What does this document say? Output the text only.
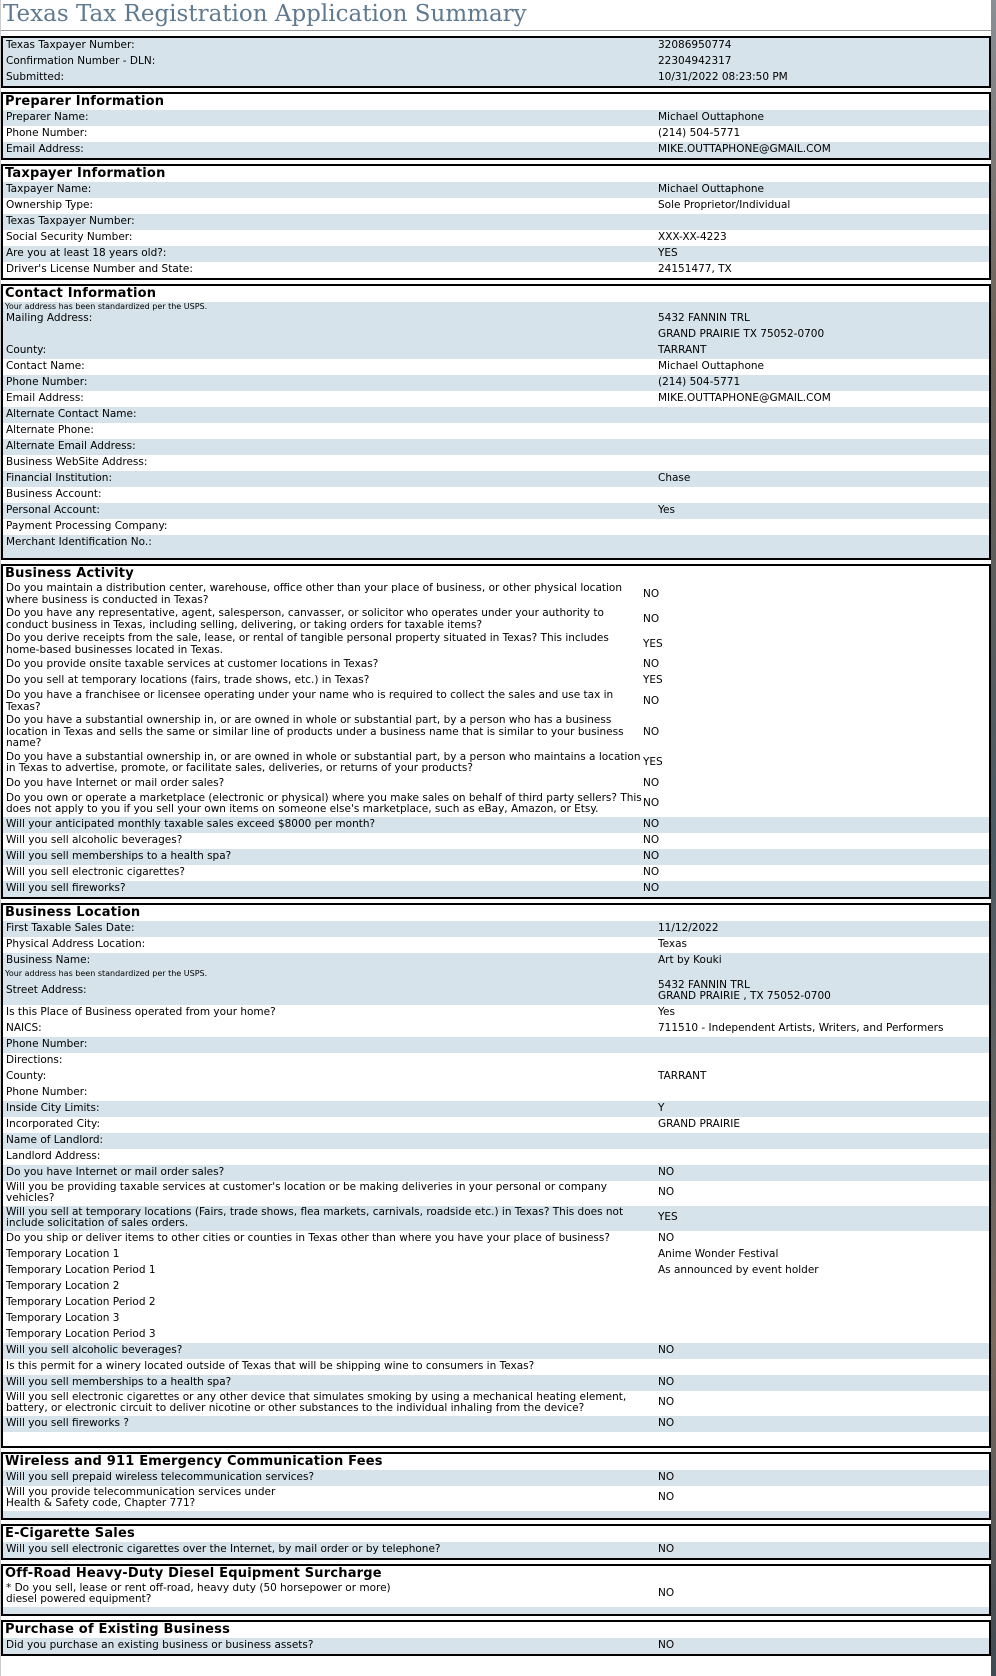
Texas Tax Registration Application Summary
Texas Taxpayer Number:	32086950774
Confirmation Number - DLN:	22304942317
Submitted:	10/31/2022 08:23:50 PM
Preparer Information
Preparer Name:	Michael Outtaphone
Phone Number:	(214) 504-5771
Email Address:	MIKE.OUTTAPHONE@GMAIL.COM
Taxpayer Information
Taxpayer Name:	Michael Outtaphone
Ownership Type:	Sole Proprietor/Individual
Texas Taxpayer Number:
Social Security Number:	XXX-XX-4223
Are you at least 18 years old?:	YES
Driver's License Number and State:	24151477, TX
Contact Information
Your address has been standardized per the USPS.
Mailing Address:	5432 FANNIN TRL
GRAND PRAIRIE TX 75052-0700
County:	TARRANT
Contact Name:	Michael Outtaphone
Phone Number:	(214) 504-5771
Email Address:	MIKE.OUTTAPHONE@GMAIL.COM
Alternate Contact Name:
Alternate Phone:
Alternate Email Address:
Business WebSite Address:
Financial Institution:	Chase
Business Account:
Personal Account:	Yes
Payment Processing Company:
Merchant Identification No.:
Business Activity
Do you maintain a distribution center, warehouse, office other than your place of business, or other physical location where business is conducted in Texas?	NO
Do you have any representative, agent, salesperson, canvasser, or solicitor who operates under your authority to conduct business in Texas, including selling, delivering, or taking orders for taxable items?	NO
Do you derive receipts from the sale, lease, or rental of tangible personal property situated in Texas? This includes home-based businesses located in Texas.	YES
Do you provide onsite taxable services at customer locations in Texas?	NO
Do you sell at temporary locations (fairs, trade shows, etc.) in Texas?	YES
Do you have a franchisee or licensee operating under your name who is required to collect the sales and use tax in Texas?	NO
Do you have a substantial ownership in, or are owned in whole or substantial part, by a person who has a business location in Texas and sells the same or similar line of products under a business name that is similar to your business name?
NO
Do you have a substantial ownership in, or are owned in whole or substantial part, by a person who maintains a location in Texas to advertise, promote, or facilitate sales, deliveries, or returns of your products?	YES
Do you have Internet or mail order sales?	NO
Do you own or operate a marketplace (electronic or physical) where you make sales on behalf of third party sellers? This does not apply to you if you sell your own items on someone else's marketplace, such as eBay, Amazon, or Etsy.	NO
Will your anticipated monthly taxable sales exceed $8000 per month?	NO
Will you sell alcoholic beverages?	NO
Will you sell memberships to a health spa?	NO
Will you sell electronic cigarettes?	NO
Will you sell fireworks?	NO
Business Location
First Taxable Sales Date:	11/12/2022
Physical Address Location:	Texas
Business Name:	Art by Kouki
Your address has been standardized per the USPS.
Street Address:	5432 FANNIN TRL
GRAND PRAIRIE , TX 75052-0700
Is this Place of Business operated from your home?	Yes
NAICS:	711510 - Independent Artists, Writers, and Performers
Phone Number:
Directions:
County:	TARRANT
Phone Number:
Inside City Limits:	Y
Incorporated City:	GRAND PRAIRIE
Name of Landlord:
Landlord Address:
Do you have Internet or mail order sales?	NO
Will you be providing taxable services at customer's location or be making deliveries in your personal or company vehicles?	NO
Will you sell at temporary locations (Fairs, trade shows, flea markets, carnivals, roadside etc.) in Texas? This does not include solicitation of sales orders.	YES
Do you ship or deliver items to other cities or counties in Texas other than where you have your place of business?	NO
Temporary Location 1	Anime Wonder Festival
Temporary Location Period 1	As announced by event holder
Temporary Location 2
Temporary Location Period 2
Temporary Location 3
Temporary Location Period 3
Will you sell alcoholic beverages?	NO
Is this permit for a winery located outside of Texas that will be shipping wine to consumers in Texas?
Will you sell memberships to a health spa?	NO
Will you sell electronic cigarettes or any other device that simulates smoking by using a mechanical heating element, battery, or electronic circuit to deliver nicotine or other substances to the individual inhaling from the device?	NO
Will you sell fireworks ?	NO
Wireless and 911 Emergency Communication Fees
Will you sell prepaid wireless telecommunication services?	NO
Will you provide telecommunication services under
Health & Safety code, Chapter 771?	NO
E-Cigarette Sales
Will you sell electronic cigarettes over the Internet, by mail order or by telephone?	NO
Off-Road Heavy-Duty Diesel Equipment Surcharge
* Do you sell, lease or rent off-road, heavy duty (50 horsepower or more)
diesel powered equipment?	NO
Purchase of Existing Business
Did you purchase an existing business or business assets?	NO
